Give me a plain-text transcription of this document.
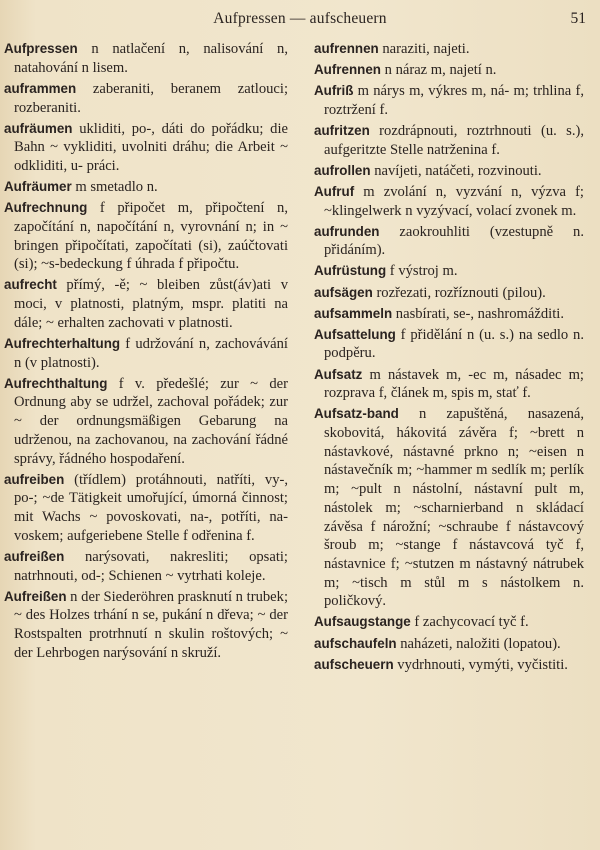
Aufpressen — aufscheuern	51

Aufpressen n natlačení n, nalisování n, natahování n lisem.

auframmen zaberaniti, beranem zatlouci; rozberaniti.

aufräumen ukliditi, po-, dáti do pořádku; die Bahn ~ vykliditi, uvolniti dráhu; die Arbeit ~ odkliditi, u- práci.

Aufräumer m smetadlo n.

Aufrechnung f připočet m, připočtení n, započítání n, napočítání n, vyrovnání n; in ~ bringen připočítati, započítati (si), zaúčtovati (si); ~s-bedeckung f úhrada f připočtu.

aufrecht přímý, -ě; ~ bleiben zůst(áv)ati v moci, v platnosti, platným, mspr. platiti na dále; ~ erhalten zachovati v platnosti.

Aufrechterhaltung f udržování n, zachovávání n (v platnosti).

Aufrechthaltung f v. předešlé; zur ~ der Ordnung aby se udržel, zachoval pořádek; zur ~ der ordnungsmäßigen Gebarung na udrženou, na zachovanou, na zachování řádné správy, řádného hospodaření.

aufreiben (třídlem) protáhnouti, natříti, vy-, po-; ~de Tätigkeit umořující, úmorná činnost; mit Wachs ~ povoskovati, na-, potříti, na- voskem; aufgeriebene Stelle f odřenina f.

aufreißen narýsovati, nakresliti; opsati; natrhnouti, od-; Schienen ~ vytrhati koleje.

Aufreißen n der Siederöhren prasknutí n trubek; ~ des Holzes trhání n se, pukání n dřeva; ~ der Rostspalten protrhnutí n skulin roštových; ~ der Lehrbogen narýsování n skruží.

aufrennen naraziti, najeti.

Aufrennen n náraz m, najetí n.

Aufriß m nárys m, výkres m, ná- m; trhlina f, roztržení f.

aufritzen rozdrápnouti, roztrhnouti (u. s.), aufgeritzte Stelle natrženina f.

aufrollen navíjeti, natáčeti, rozvinouti.

Aufruf m zvolání n, vyzvání n, výzva f; ~klingelwerk n vyzývací, volací zvonek m.

aufrunden zaokrouhliti (vzestupně n. přidáním).

Aufrüstung f výstroj m.

aufsägen rozřezati, rozříznouti (pilou).

aufsammeln nasbírati, se-, nashromážditi.

Aufsattelung f přidělání n (u. s.) na sedlo n. podpěru.

Aufsatz m nástavek m, -ec m, násadec m; rozprava f, článek m, spis m, stať f.

Aufsatz-band n zapuštěná, nasazená, skobovitá, hákovitá závěra f; ~brett n nástavkové, nástavné prkno n; ~eisen n nástavečník m; ~hammer m sedlík m; perlík m; ~pult n nástolní, nástavní pult m, nástolek m; ~scharnierband n skládací závěsa f nárožní; ~schraube f nástavcový šroub m; ~stange f nástavcová tyč f, nástavnice f; ~stutzen m nástavný nátrubek m; ~tisch m stůl m s nástolkem n. poličkový.

Aufsaugstange f zachycovací tyč f.

aufschaufeln naházeti, naložiti (lopatou).

aufscheuern vydrhnouti, vymýti, vyčistiti.
